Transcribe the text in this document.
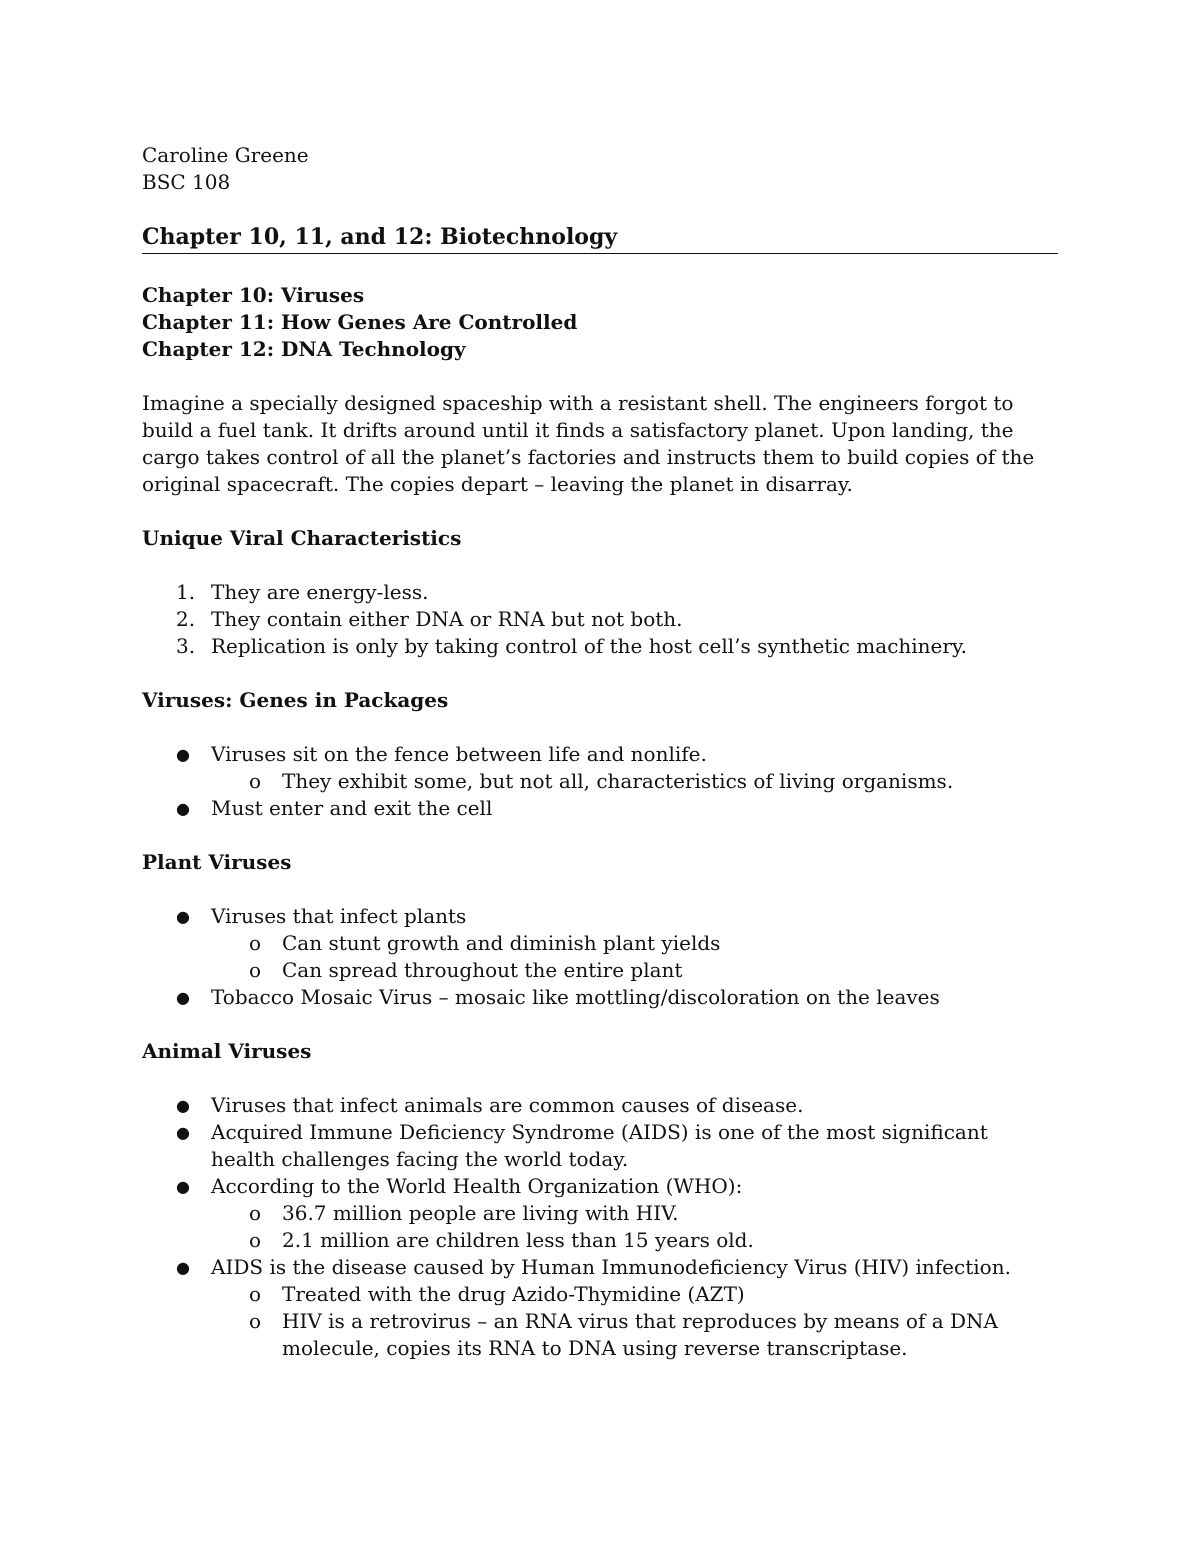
Caroline Greene

BSC 108

Chapter 10, 11, and 12: Biotechnology

Chapter 10: Viruses

Chapter 11: How Genes Are Controlled

Chapter 12: DNA Technology

Imagine a specially designed spaceship with a resistant shell. The engineers forgot to build a fuel tank. It drifts around until it finds a satisfactory planet. Upon landing, the cargo takes control of all the planet’s factories and instructs them to build copies of the original spacecraft. The copies depart – leaving the planet in disarray.

Unique Viral Characteristics

1. They are energy-less.
2. They contain either DNA or RNA but not both.
3. Replication is only by taking control of the host cell’s synthetic machinery.

Viruses: Genes in Packages

● Viruses sit on the fence between life and nonlife.
o They exhibit some, but not all, characteristics of living organisms.
● Must enter and exit the cell

Plant Viruses

● Viruses that infect plants
o Can stunt growth and diminish plant yields
o Can spread throughout the entire plant
● Tobacco Mosaic Virus – mosaic like mottling/discoloration on the leaves

Animal Viruses

● Viruses that infect animals are common causes of disease.
● Acquired Immune Deficiency Syndrome (AIDS) is one of the most significant health challenges facing the world today.
● According to the World Health Organization (WHO):
o 36.7 million people are living with HIV.
o 2.1 million are children less than 15 years old.
● AIDS is the disease caused by Human Immunodeficiency Virus (HIV) infection.
o Treated with the drug Azido-Thymidine (AZT)
o HIV is a retrovirus – an RNA virus that reproduces by means of a DNA molecule, copies its RNA to DNA using reverse transcriptase.
